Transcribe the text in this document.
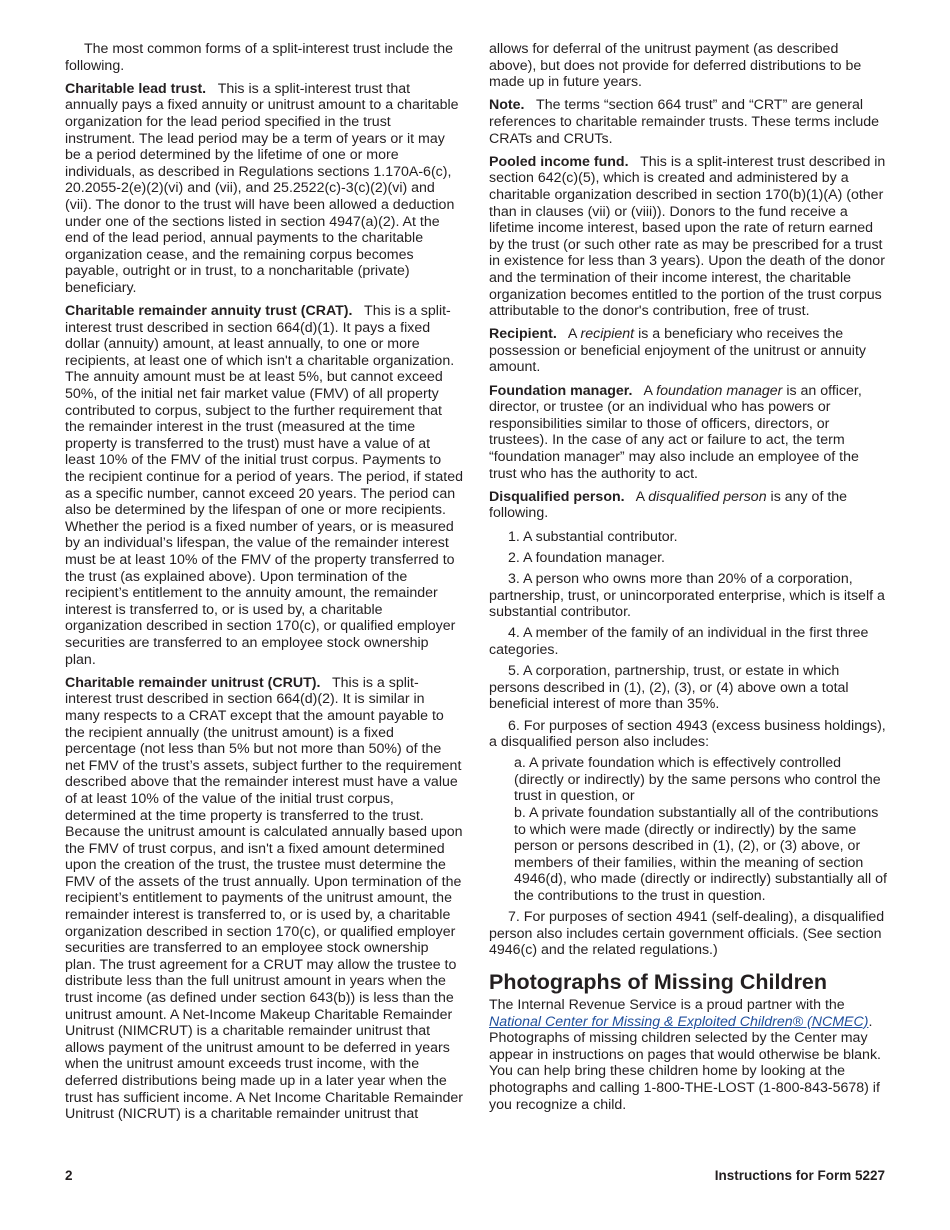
The most common forms of a split-interest trust include the following.

Charitable lead trust. This is a split-interest trust that annually pays a fixed annuity or unitrust amount to a charitable organization for the lead period specified in the trust instrument. The lead period may be a term of years or it may be a period determined by the lifetime of one or more individuals, as described in Regulations sections 1.170A-6(c), 20.2055-2(e)(2)(vi) and (vii), and 25.2522(c)-3(c)(2)(vi) and (vii). The donor to the trust will have been allowed a deduction under one of the sections listed in section 4947(a)(2). At the end of the lead period, annual payments to the charitable organization cease, and the remaining corpus becomes payable, outright or in trust, to a noncharitable (private) beneficiary.

Charitable remainder annuity trust (CRAT). This is a split-interest trust described in section 664(d)(1). It pays a fixed dollar (annuity) amount, at least annually, to one or more recipients, at least one of which isn't a charitable organization. The annuity amount must be at least 5%, but cannot exceed 50%, of the initial net fair market value (FMV) of all property contributed to corpus, subject to the further requirement that the remainder interest in the trust (measured at the time property is transferred to the trust) must have a value of at least 10% of the FMV of the initial trust corpus. Payments to the recipient continue for a period of years. The period, if stated as a specific number, cannot exceed 20 years. The period can also be determined by the lifespan of one or more recipients. Whether the period is a fixed number of years, or is measured by an individual’s lifespan, the value of the remainder interest must be at least 10% of the FMV of the property transferred to the trust (as explained above). Upon termination of the recipient’s entitlement to the annuity amount, the remainder interest is transferred to, or is used by, a charitable organization described in section 170(c), or qualified employer securities are transferred to an employee stock ownership plan.

Charitable remainder unitrust (CRUT). This is a split-interest trust described in section 664(d)(2). It is similar in many respects to a CRAT except that the amount payable to the recipient annually (the unitrust amount) is a fixed percentage (not less than 5% but not more than 50%) of the net FMV of the trust’s assets, subject further to the requirement described above that the remainder interest must have a value of at least 10% of the value of the initial trust corpus, determined at the time property is transferred to the trust. Because the unitrust amount is calculated annually based upon the FMV of trust corpus, and isn't a fixed amount determined upon the creation of the trust, the trustee must determine the FMV of the assets of the trust annually. Upon termination of the recipient’s entitlement to payments of the unitrust amount, the remainder interest is transferred to, or is used by, a charitable organization described in section 170(c), or qualified employer securities are transferred to an employee stock ownership plan. The trust agreement for a CRUT may allow the trustee to distribute less than the full unitrust amount in years when the trust income (as defined under section 643(b)) is less than the unitrust amount. A Net-Income Makeup Charitable Remainder Unitrust (NIMCRUT) is a charitable remainder unitrust that allows payment of the unitrust amount to be deferred in years when the unitrust amount exceeds trust income, with the deferred distributions being made up in a later year when the trust has sufficient income. A Net Income Charitable Remainder Unitrust (NICRUT) is a charitable remainder unitrust that

allows for deferral of the unitrust payment (as described above), but does not provide for deferred distributions to be made up in future years.

Note. The terms “section 664 trust” and “CRT” are general references to charitable remainder trusts. These terms include CRATs and CRUTs.

Pooled income fund. This is a split-interest trust described in section 642(c)(5), which is created and administered by a charitable organization described in section 170(b)(1)(A) (other than in clauses (vii) or (viii)). Donors to the fund receive a lifetime income interest, based upon the rate of return earned by the trust (or such other rate as may be prescribed for a trust in existence for less than 3 years). Upon the death of the donor and the termination of their income interest, the charitable organization becomes entitled to the portion of the trust corpus attributable to the donor's contribution, free of trust.

Recipient. A recipient is a beneficiary who receives the possession or beneficial enjoyment of the unitrust or annuity amount.

Foundation manager. A foundation manager is an officer, director, or trustee (or an individual who has powers or responsibilities similar to those of officers, directors, or trustees). In the case of any act or failure to act, the term “foundation manager” may also include an employee of the trust who has the authority to act.

Disqualified person. A disqualified person is any of the following.

1. A substantial contributor.

2. A foundation manager.

3. A person who owns more than 20% of a corporation, partnership, trust, or unincorporated enterprise, which is itself a substantial contributor.

4. A member of the family of an individual in the first three categories.

5. A corporation, partnership, trust, or estate in which persons described in (1), (2), (3), or (4) above own a total beneficial interest of more than 35%.

6. For purposes of section 4943 (excess business holdings), a disqualified person also includes:

a. A private foundation which is effectively controlled (directly or indirectly) by the same persons who control the trust in question, or

b. A private foundation substantially all of the contributions to which were made (directly or indirectly) by the same person or persons described in (1), (2), or (3) above, or members of their families, within the meaning of section 4946(d), who made (directly or indirectly) substantially all of the contributions to the trust in question.

7. For purposes of section 4941 (self-dealing), a disqualified person also includes certain government officials. (See section 4946(c) and the related regulations.)

Photographs of Missing Children

The Internal Revenue Service is a proud partner with the National Center for Missing & Exploited Children® (NCMEC). Photographs of missing children selected by the Center may appear in instructions on pages that would otherwise be blank. You can help bring these children home by looking at the photographs and calling 1-800-THE-LOST (1-800-843-5678) if you recognize a child.

2	Instructions for Form 5227
